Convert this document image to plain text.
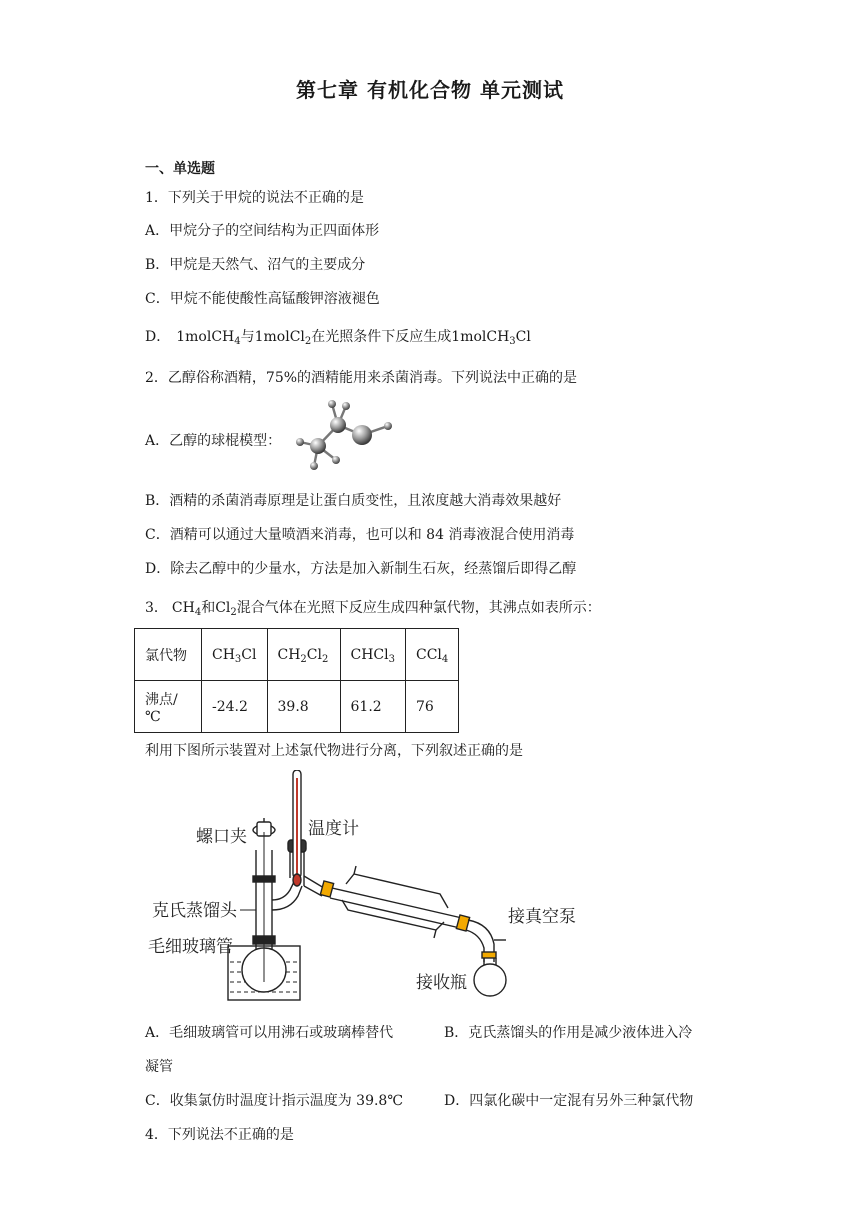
第七章 有机化合物 单元测试
一、单选题
1．下列关于甲烷的说法不正确的是
A．甲烷分子的空间结构为正四面体形
B．甲烷是天然气、沼气的主要成分
C．甲烷不能使酸性高锰酸钾溶液褪色
D． 1molCH$_4$与1molCl$_2$在光照条件下反应生成1molCH$_3$Cl
2．乙醇俗称酒精，75%的酒精能用来杀菌消毒。下列说法中正确的是
A．乙醇的球棍模型：
B．酒精的杀菌消毒原理是让蛋白质变性，且浓度越大消毒效果越好
C．酒精可以通过大量喷酒来消毒，也可以和 84 消毒液混合使用消毒
D．除去乙醇中的少量水，方法是加入新制生石灰，经蒸馏后即得乙醇
3． $CH_4$和$Cl_2$混合气体在光照下反应生成四种氯代物，其沸点如表所示：
氯代物	$CH_3Cl$	$CH_2Cl_2$	CHCl$_3$	CCl$_4$
沸点/℃	-24.2	39.8	61.2	76
利用下图所示装置对上述氯代物进行分离，下列叙述正确的是
温度计
螺口夹
克氏蒸馏头
毛细玻璃管
接真空泵
接收瓶
A．毛细玻璃管可以用沸石或玻璃棒替代	B．克氏蒸馏头的作用是减少液体进入冷
凝管
C．收集氯仿时温度计指示温度为 39.8℃	D．四氯化碳中一定混有另外三种氯代物
4．下列说法不正确的是
